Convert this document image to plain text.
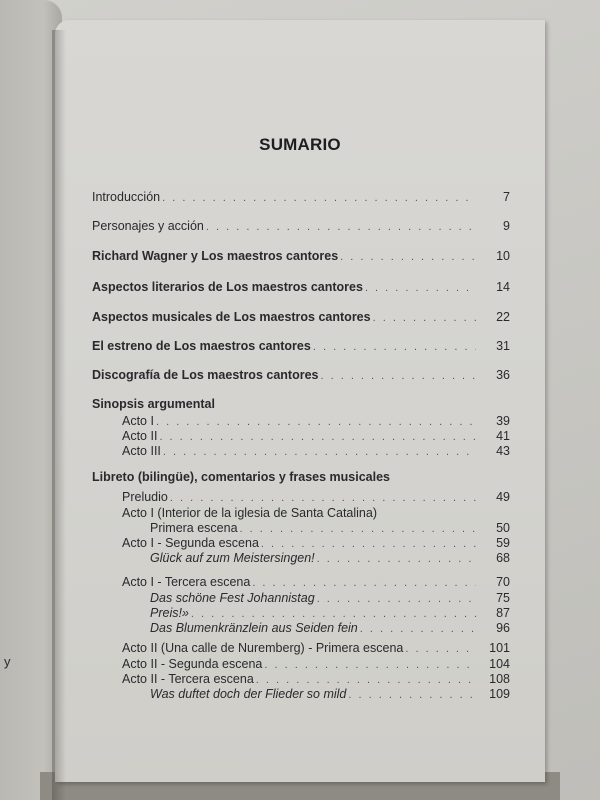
y
SUMARIO
Introducción . . .	7
Personajes y acción . . .	9
Richard Wagner y Los maestros cantores . . .	10
Aspectos literarios de Los maestros cantores . . .	14
Aspectos musicales de Los maestros cantores . . .	22
El estreno de Los maestros cantores . . .	31
Discografía de Los maestros cantores . . .	36
Sinopsis argumental
Acto I . . .	39
Acto II . . .	41
Acto III . . .	43
Libreto (bilingüe), comentarios y frases musicales
Preludio . . .	49
Acto I (Interior de la iglesia de Santa Catalina)
Primera escena . . .	50
Acto I - Segunda escena . . .	59
Glück auf zum Meistersingen! . . .	68
Acto I - Tercera escena . . .	70
Das schöne Fest Johannistag . . .	75
Preis!» . . .	87
Das Blumenkränzlein aus Seiden fein . . .	96
Acto II (Una calle de Nuremberg) - Primera escena . . .	101
Acto II - Segunda escena . . .	104
Acto II - Tercera escena . . .	108
Was duftet doch der Flieder so mild . . .	109
